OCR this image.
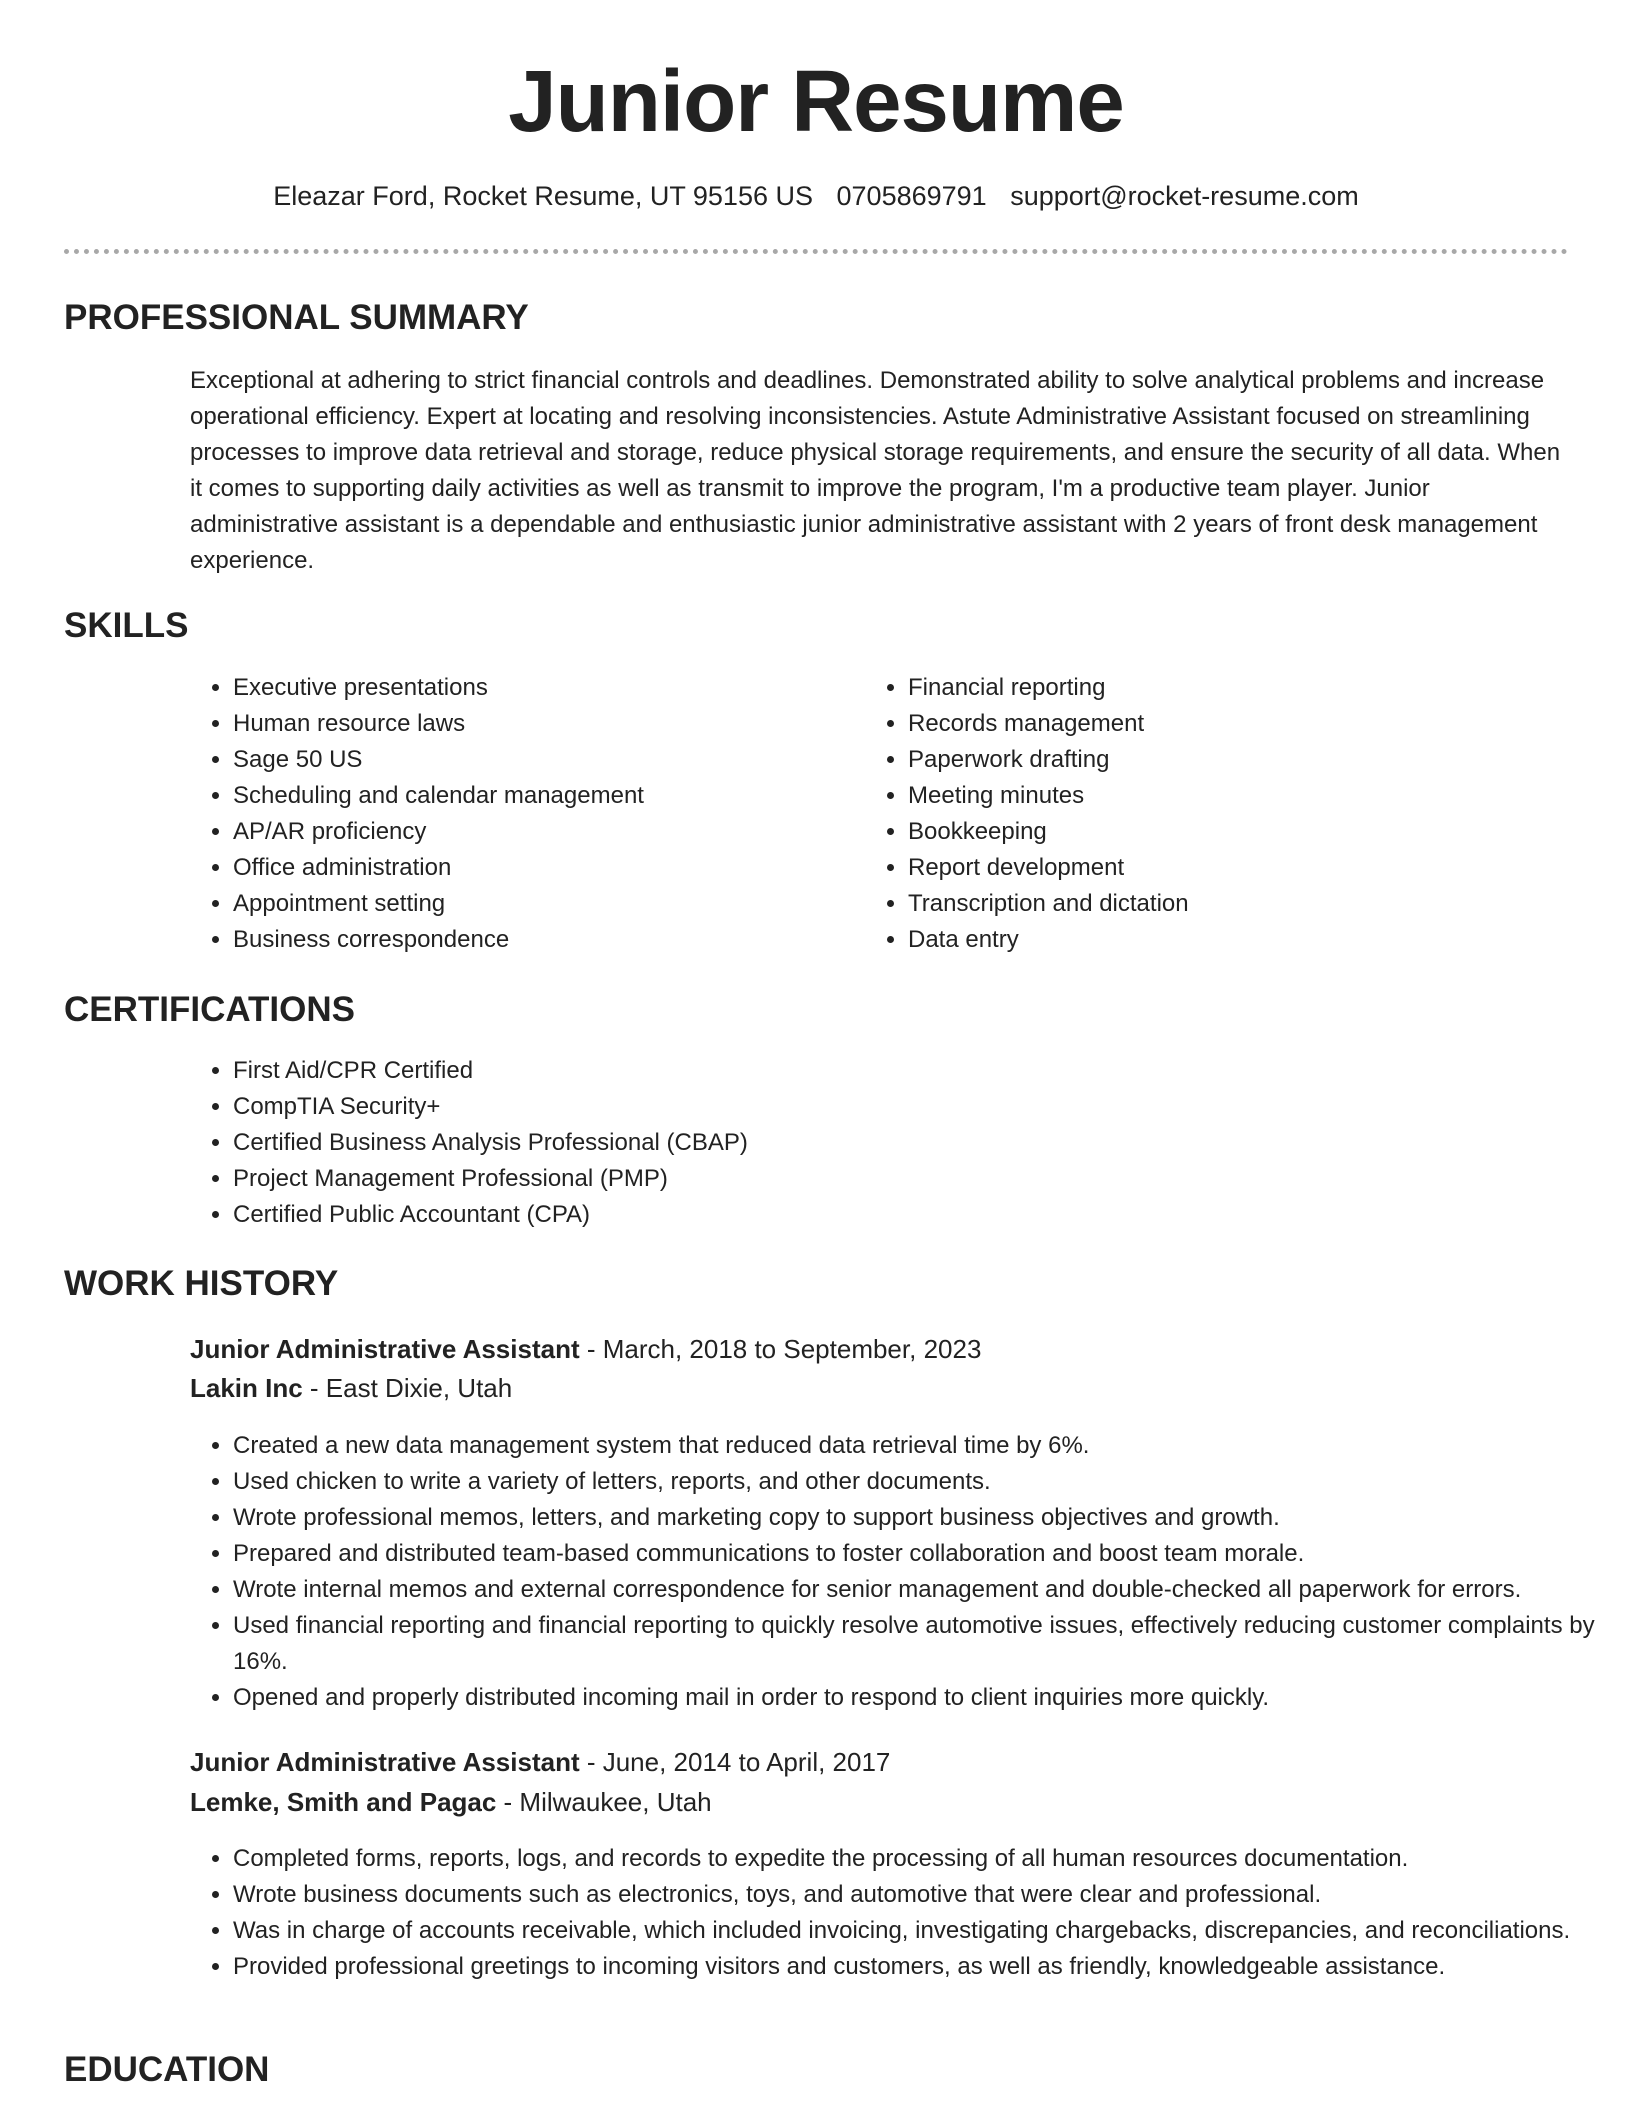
Junior Resume
Eleazar Ford, Rocket Resume, UT 95156 US 0705869791 support@rocket-resume.com
PROFESSIONAL SUMMARY

Exceptional at adhering to strict financial controls and deadlines. Demonstrated ability to solve analytical problems and increase operational efficiency. Expert at locating and resolving inconsistencies. Astute Administrative Assistant focused on streamlining processes to improve data retrieval and storage, reduce physical storage requirements, and ensure the security of all data. When it comes to supporting daily activities as well as transmit to improve the program, I'm a productive team player. Junior administrative assistant is a dependable and enthusiastic junior administrative assistant with 2 years of front desk management experience.

SKILLS
• Executive presentations
• Human resource laws
• Sage 50 US
• Scheduling and calendar management
• AP/AR proficiency
• Office administration
• Appointment setting
• Business correspondence
• Financial reporting
• Records management
• Paperwork drafting
• Meeting minutes
• Bookkeeping
• Report development
• Transcription and dictation
• Data entry
CERTIFICATIONS
• First Aid/CPR Certified
• CompTIA Security+
• Certified Business Analysis Professional (CBAP)
• Project Management Professional (PMP)
• Certified Public Accountant (CPA)
WORK HISTORY

Junior Administrative Assistant - March, 2018 to September, 2023

Lakin Inc - East Dixie, Utah

• Created a new data management system that reduced data retrieval time by 6%.
• Used chicken to write a variety of letters, reports, and other documents.
• Wrote professional memos, letters, and marketing copy to support business objectives and growth.
• Prepared and distributed team-based communications to foster collaboration and boost team morale.
• Wrote internal memos and external correspondence for senior management and double-checked all paperwork for errors.
• Used financial reporting and financial reporting to quickly resolve automotive issues, effectively reducing customer complaints by 16%.
• Opened and properly distributed incoming mail in order to respond to client inquiries more quickly.

Junior Administrative Assistant - June, 2014 to April, 2017

Lemke, Smith and Pagac - Milwaukee, Utah

• Completed forms, reports, logs, and records to expedite the processing of all human resources documentation.
• Wrote business documents such as electronics, toys, and automotive that were clear and professional.
• Was in charge of accounts receivable, which included invoicing, investigating chargebacks, discrepancies, and reconciliations.
• Provided professional greetings to incoming visitors and customers, as well as friendly, knowledgeable assistance.
EDUCATION
